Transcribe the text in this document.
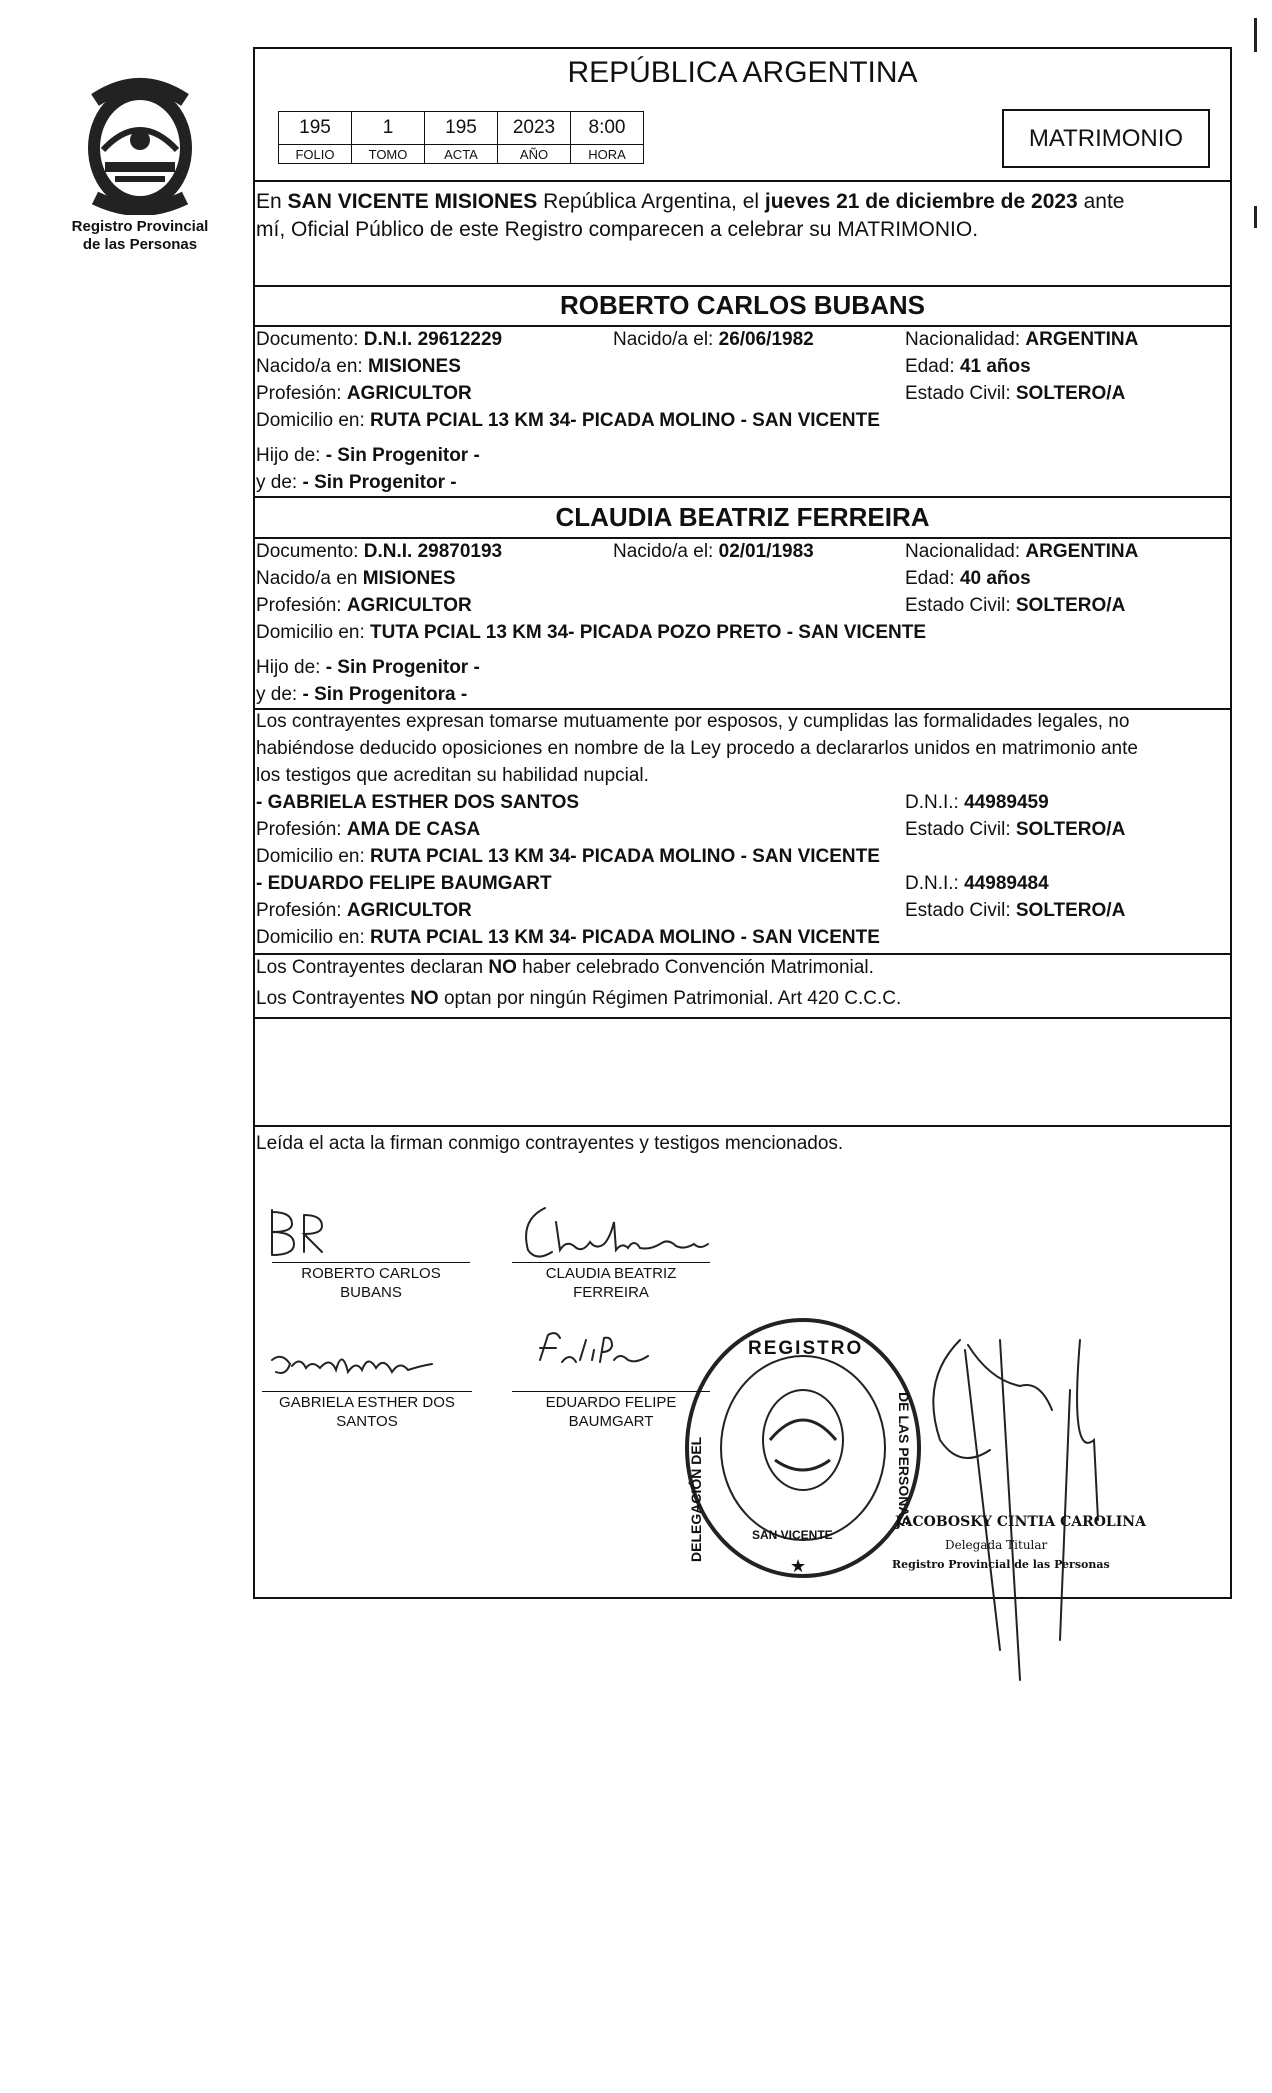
Registro Provincial
de las Personas
REPÚBLICA ARGENTINA
195	1	195	2023	8:00
FOLIO	TOMO	ACTA	AÑO	HORA
MATRIMONIO
En SAN VICENTE MISIONES República Argentina, el jueves 21 de diciembre de 2023 ante
mí, Oficial Público de este Registro comparecen a celebrar su MATRIMONIO.
ROBERTO CARLOS BUBANS
Documento: D.N.I. 29612229	Nacido/a el: 26/06/1982	Nacionalidad: ARGENTINA
Nacido/a en: MISIONES	Edad: 41 años
Profesión: AGRICULTOR	Estado Civil: SOLTERO/A
Domicilio en: RUTA PCIAL 13 KM 34- PICADA MOLINO - SAN VICENTE
Hijo de: - Sin Progenitor -
y de: - Sin Progenitor -
CLAUDIA BEATRIZ FERREIRA
Documento: D.N.I. 29870193	Nacido/a el: 02/01/1983	Nacionalidad: ARGENTINA
Nacido/a en MISIONES	Edad: 40 años
Profesión: AGRICULTOR	Estado Civil: SOLTERO/A
Domicilio en: TUTA PCIAL 13 KM 34- PICADA POZO PRETO - SAN VICENTE
Hijo de: - Sin Progenitor -
y de: - Sin Progenitora -
Los contrayentes expresan tomarse mutuamente por esposos, y cumplidas las formalidades legales, no
habiéndose deducido oposiciones en nombre de la Ley procedo a declararlos unidos en matrimonio ante
los testigos que acreditan su habilidad nupcial.
- GABRIELA ESTHER DOS SANTOS	D.N.I.: 44989459
Profesión: AMA DE CASA	Estado Civil: SOLTERO/A
Domicilio en: RUTA PCIAL 13 KM 34- PICADA MOLINO - SAN VICENTE
- EDUARDO FELIPE BAUMGART	D.N.I.: 44989484
Profesión: AGRICULTOR	Estado Civil: SOLTERO/A
Domicilio en: RUTA PCIAL 13 KM 34- PICADA MOLINO - SAN VICENTE
Los Contrayentes declaran NO haber celebrado Convención Matrimonial.
Los Contrayentes NO optan por ningún Régimen Patrimonial. Art 420 C.C.C.
Leída el acta la firman conmigo contrayentes y testigos mencionados.
REGISTRO
DELEGACIÓN DEL	DE LAS PERSONAS
SAN VICENTE
★
ROBERTO CARLOS
BUBANS
CLAUDIA BEATRIZ
FERREIRA
GABRIELA ESTHER DOS
SANTOS
EDUARDO FELIPE
BAUMGART
JACOBOSKY CINTIA CAROLINA
Delegada Titular
Registro Provincial de las Personas
